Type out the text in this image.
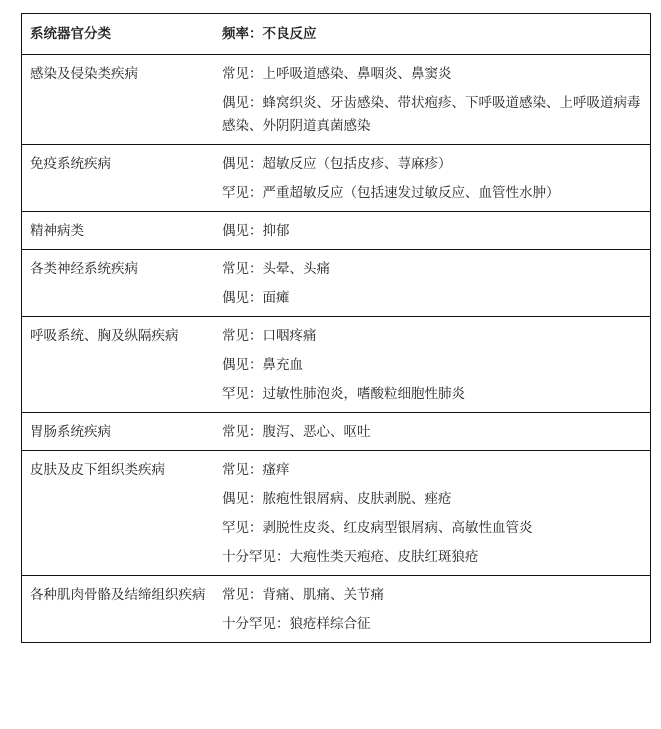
系统器官分类	频率：不良反应
感染及侵染类疾病	常见：上呼吸道感染、鼻咽炎、鼻窦炎
偶见：蜂窝织炎、牙齿感染、带状疱疹、下呼吸道感染、上呼吸道病毒感染、外阴阴道真菌感染

免疫系统疾病	偶见：超敏反应（包括皮疹、荨麻疹）
罕见：严重超敏反应（包括速发过敏反应、血管性水肿）

精神病类	偶见：抑郁

各类神经系统疾病	常见：头晕、头痛
偶见：面瘫

呼吸系统、胸及纵隔疾病	常见：口咽疼痛
偶见：鼻充血
罕见：过敏性肺泡炎，嗜酸粒细胞性肺炎

胃肠系统疾病	常见：腹泻、恶心、呕吐

皮肤及皮下组织类疾病	常见：瘙痒
偶见：脓疱性银屑病、皮肤剥脱、痤疮
罕见：剥脱性皮炎、红皮病型银屑病、高敏性血管炎
十分罕见：大疱性类天疱疮、皮肤红斑狼疮

各种肌肉骨骼及结缔组织疾病	常见：背痛、肌痛、关节痛
十分罕见：狼疮样综合征
